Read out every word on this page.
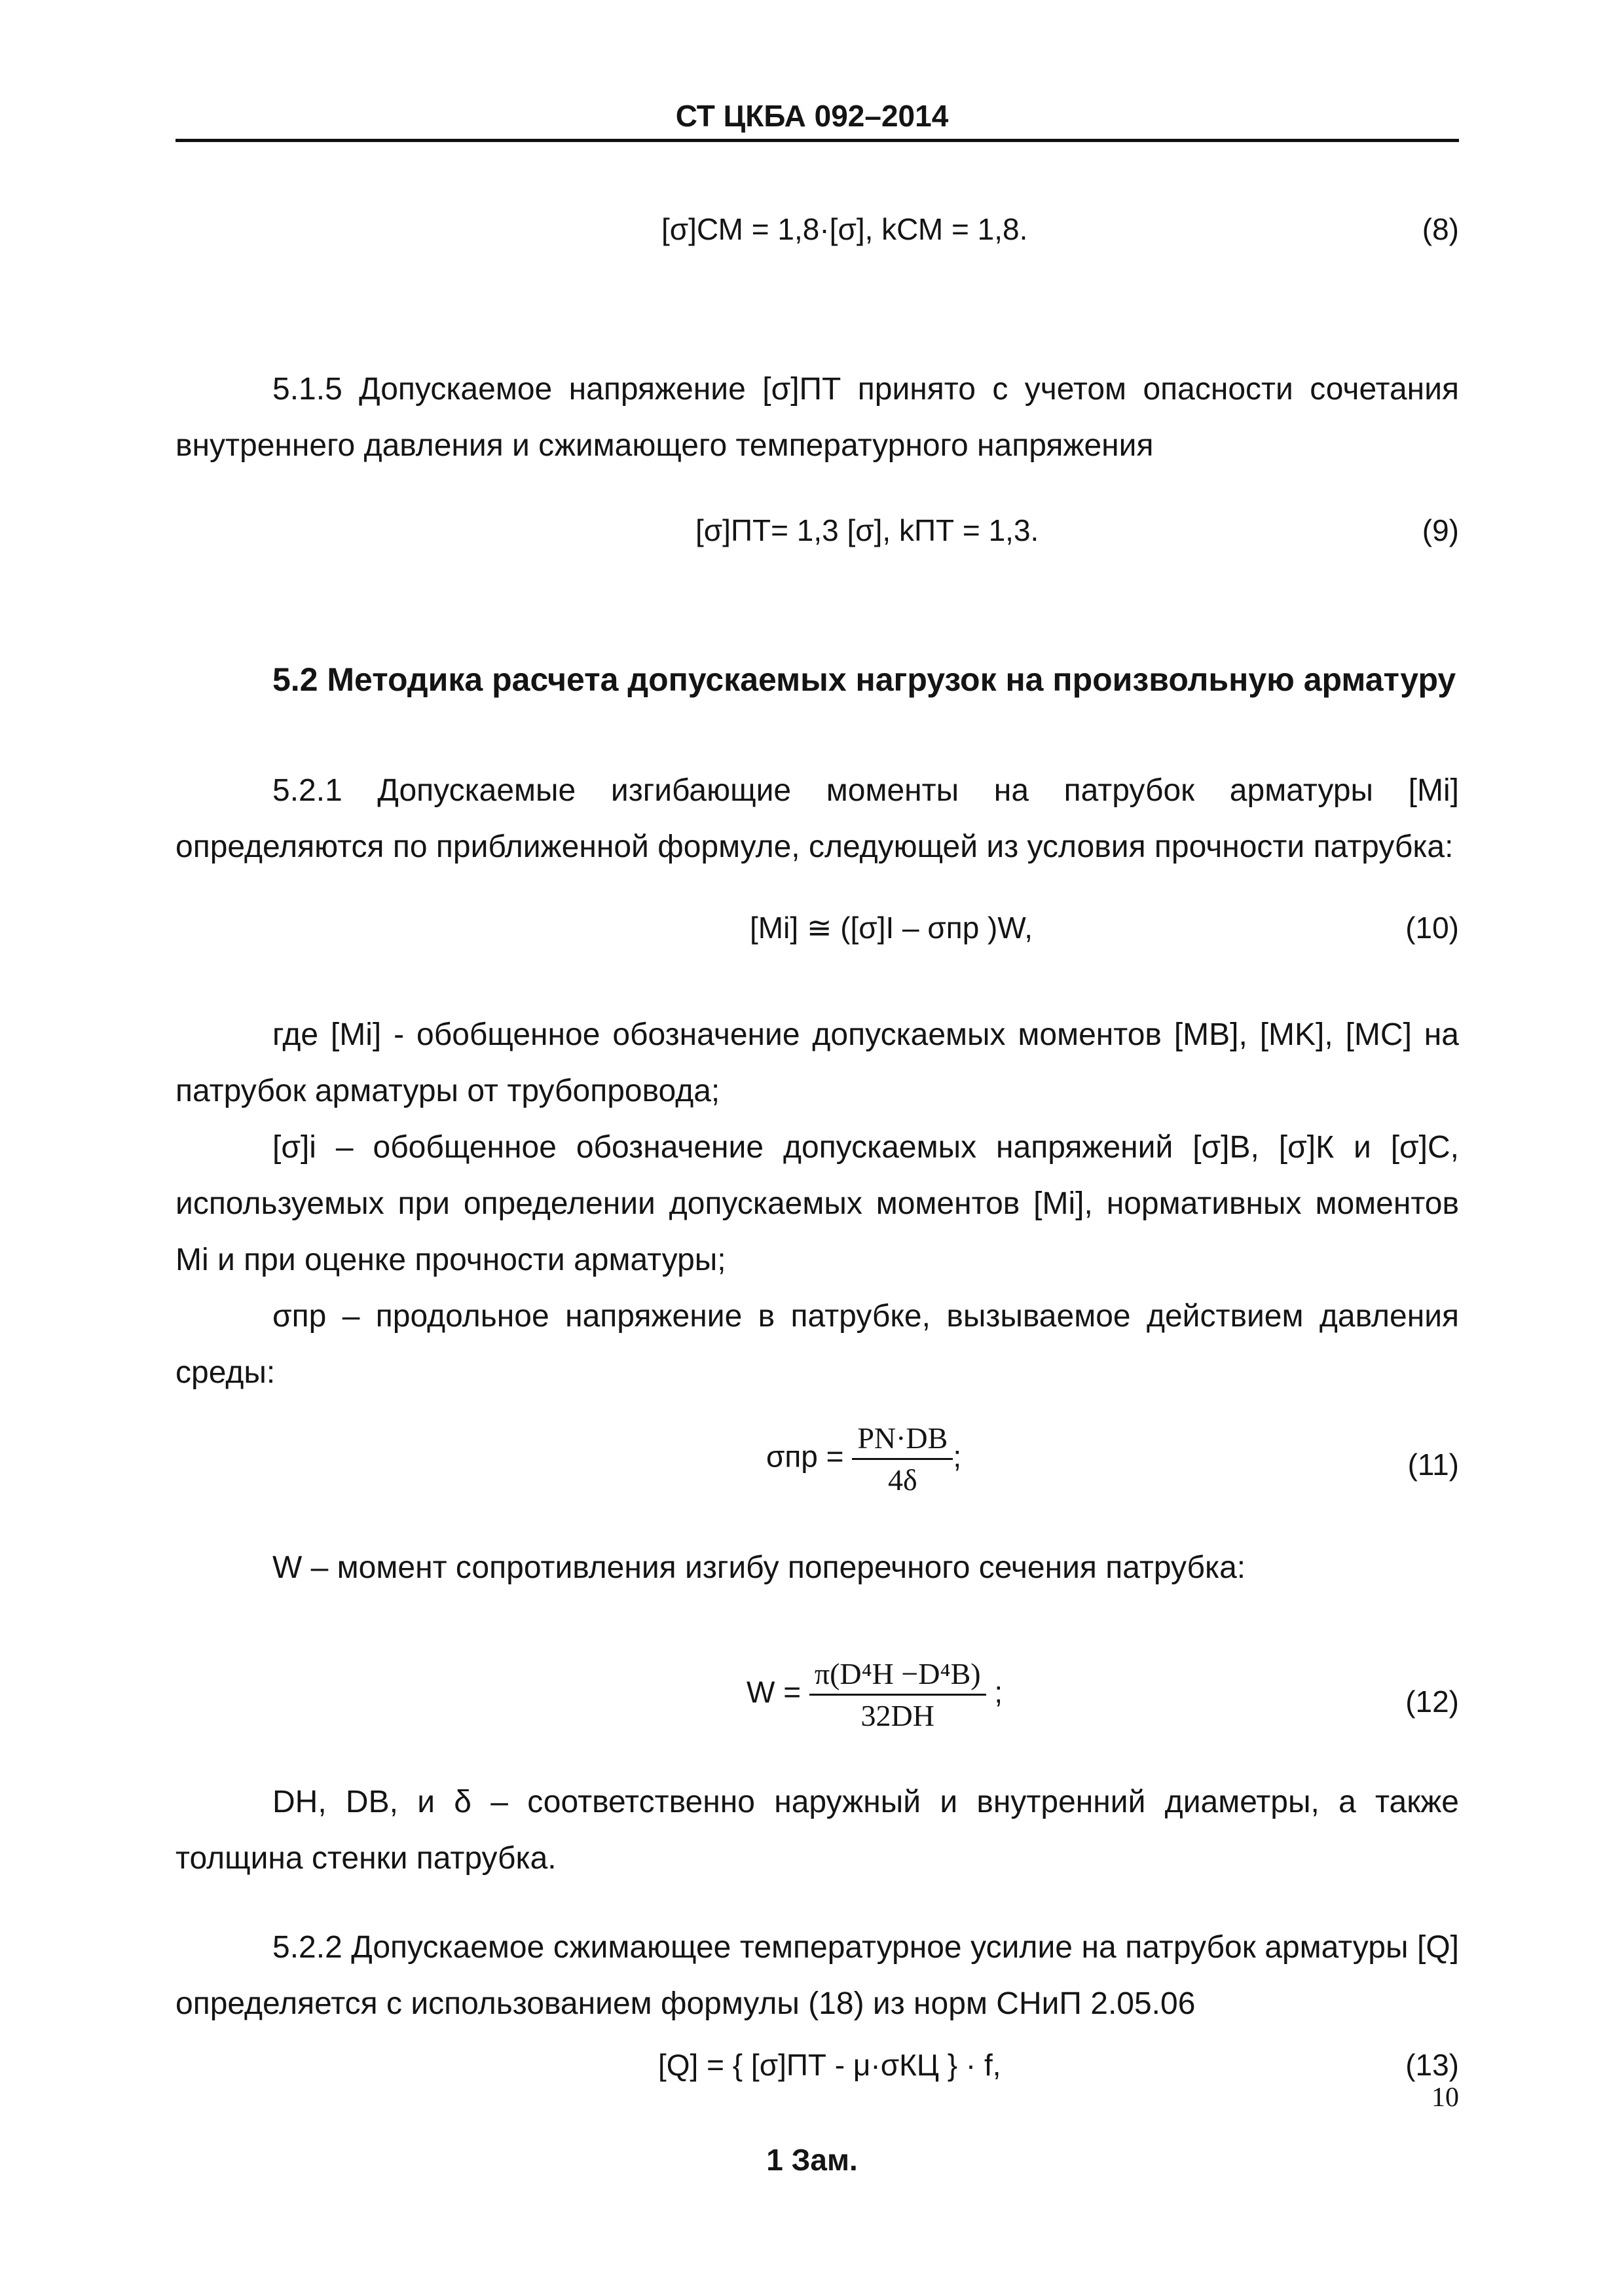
СТ ЦКБА 092–2014
[σ]СМ = 1,8·[σ], kСМ = 1,8.	(8)
5.1.5 Допускаемое напряжение [σ]ПТ принято с учетом опасности сочетания внутреннего давления и сжимающего температурного напряжения
[σ]ПТ= 1,3 [σ], kПТ = 1,3.	(9)
5.2 Методика расчета допускаемых нагрузок на произвольную арматуру
5.2.1 Допускаемые изгибающие моменты на патрубок арматуры [Mi] определяются по приближенной формуле, следующей из условия прочности патрубка:
[Mi] ≅ ([σ]I – σпр )W,	(10)
где [Mi] - обобщенное обозначение допускаемых моментов [MB], [MK], [MC] на патрубок арматуры от трубопровода;
[σ]i – обобщенное обозначение допускаемых напряжений [σ]В, [σ]К и [σ]С, используемых при определении допускаемых моментов [Mi], нормативных моментов Mi и при оценке прочности арматуры;
σпр – продольное напряжение в патрубке, вызываемое действием давления среды:
$\sigma пр = \frac{PN\cdot DB}{4\delta}$ ;	(11)
W – момент сопротивления изгибу поперечного сечения патрубка:
$W = \frac{\text{π(D⁴Н −D⁴В)}}{32DН}$ ;	(12)
DН, DВ, и δ – соответственно наружный и внутренний диаметры, а также толщина стенки патрубка.
5.2.2 Допускаемое сжимающее температурное усилие на патрубок арматуры [Q] определяется с использованием формулы (18) из норм СНиП 2.05.06
[Q] = { [σ]ПТ - μ·σКЦ } · f,	(13)
10
1 Зам.
